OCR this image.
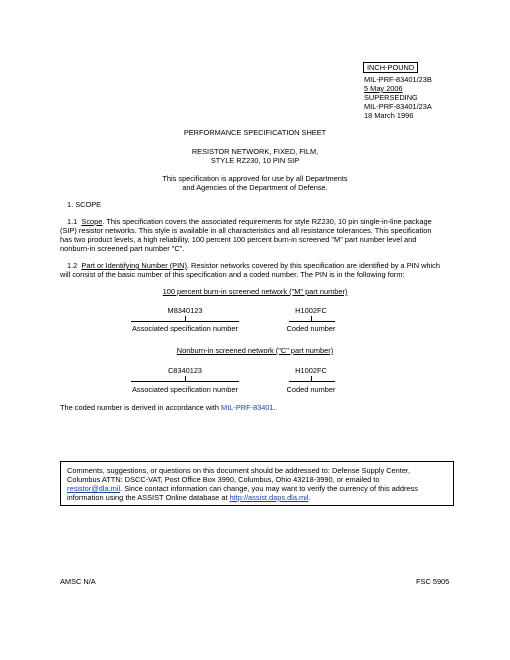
INCH-POUND
MIL-PRF-83401/23B
5 May 2006
SUPERSEDING
MIL-PRF-83401/23A
18 March 1996
PERFORMANCE SPECIFICATION SHEET
RESISTOR NETWORK, FIXED, FILM,
STYLE RZ230, 10 PIN SIP
This specification is approved for use by all Departments
and Agencies of the Department of Defense.
1. SCOPE
1.1 Scope. This specification covers the associated requirements for style RZ230, 10 pin single-in-line package
(SIP) resistor networks. This style is available in all characteristics and all resistance tolerances. This specification
has two product levels, a high reliability, 100 percent 100 percent burn-in screened "M" part number level and
nonburn-in screened part number "C".
1.2 Part or Identifying Number (PIN). Resistor networks covered by this specification are identified by a PIN which
will consist of the basic number of this specification and a coded number. The PIN is in the following form:
100 percent burn-in screened network ("M" part number)
M8340123	H1002FC
Associated specification number	Coded number
Nonburn-in screened network ("C" part number)
C8340123	H1002FC
Associated specification number	Coded number
The coded number is derived in accordance with MIL-PRF-83401.
Comments, suggestions, or questions on this document should be addressed to: Defense Supply Center,
Columbus ATTN: DSCC-VAT, Post Office Box 3990, Columbus, Ohio 43218-3990, or emailed to
resistor@dla.mil. Since contact information can change, you may want to verify the currency of this address
information using the ASSIST Online database at http://assist.daps.dla.mil.
AMSC N/A	FSC 5905
